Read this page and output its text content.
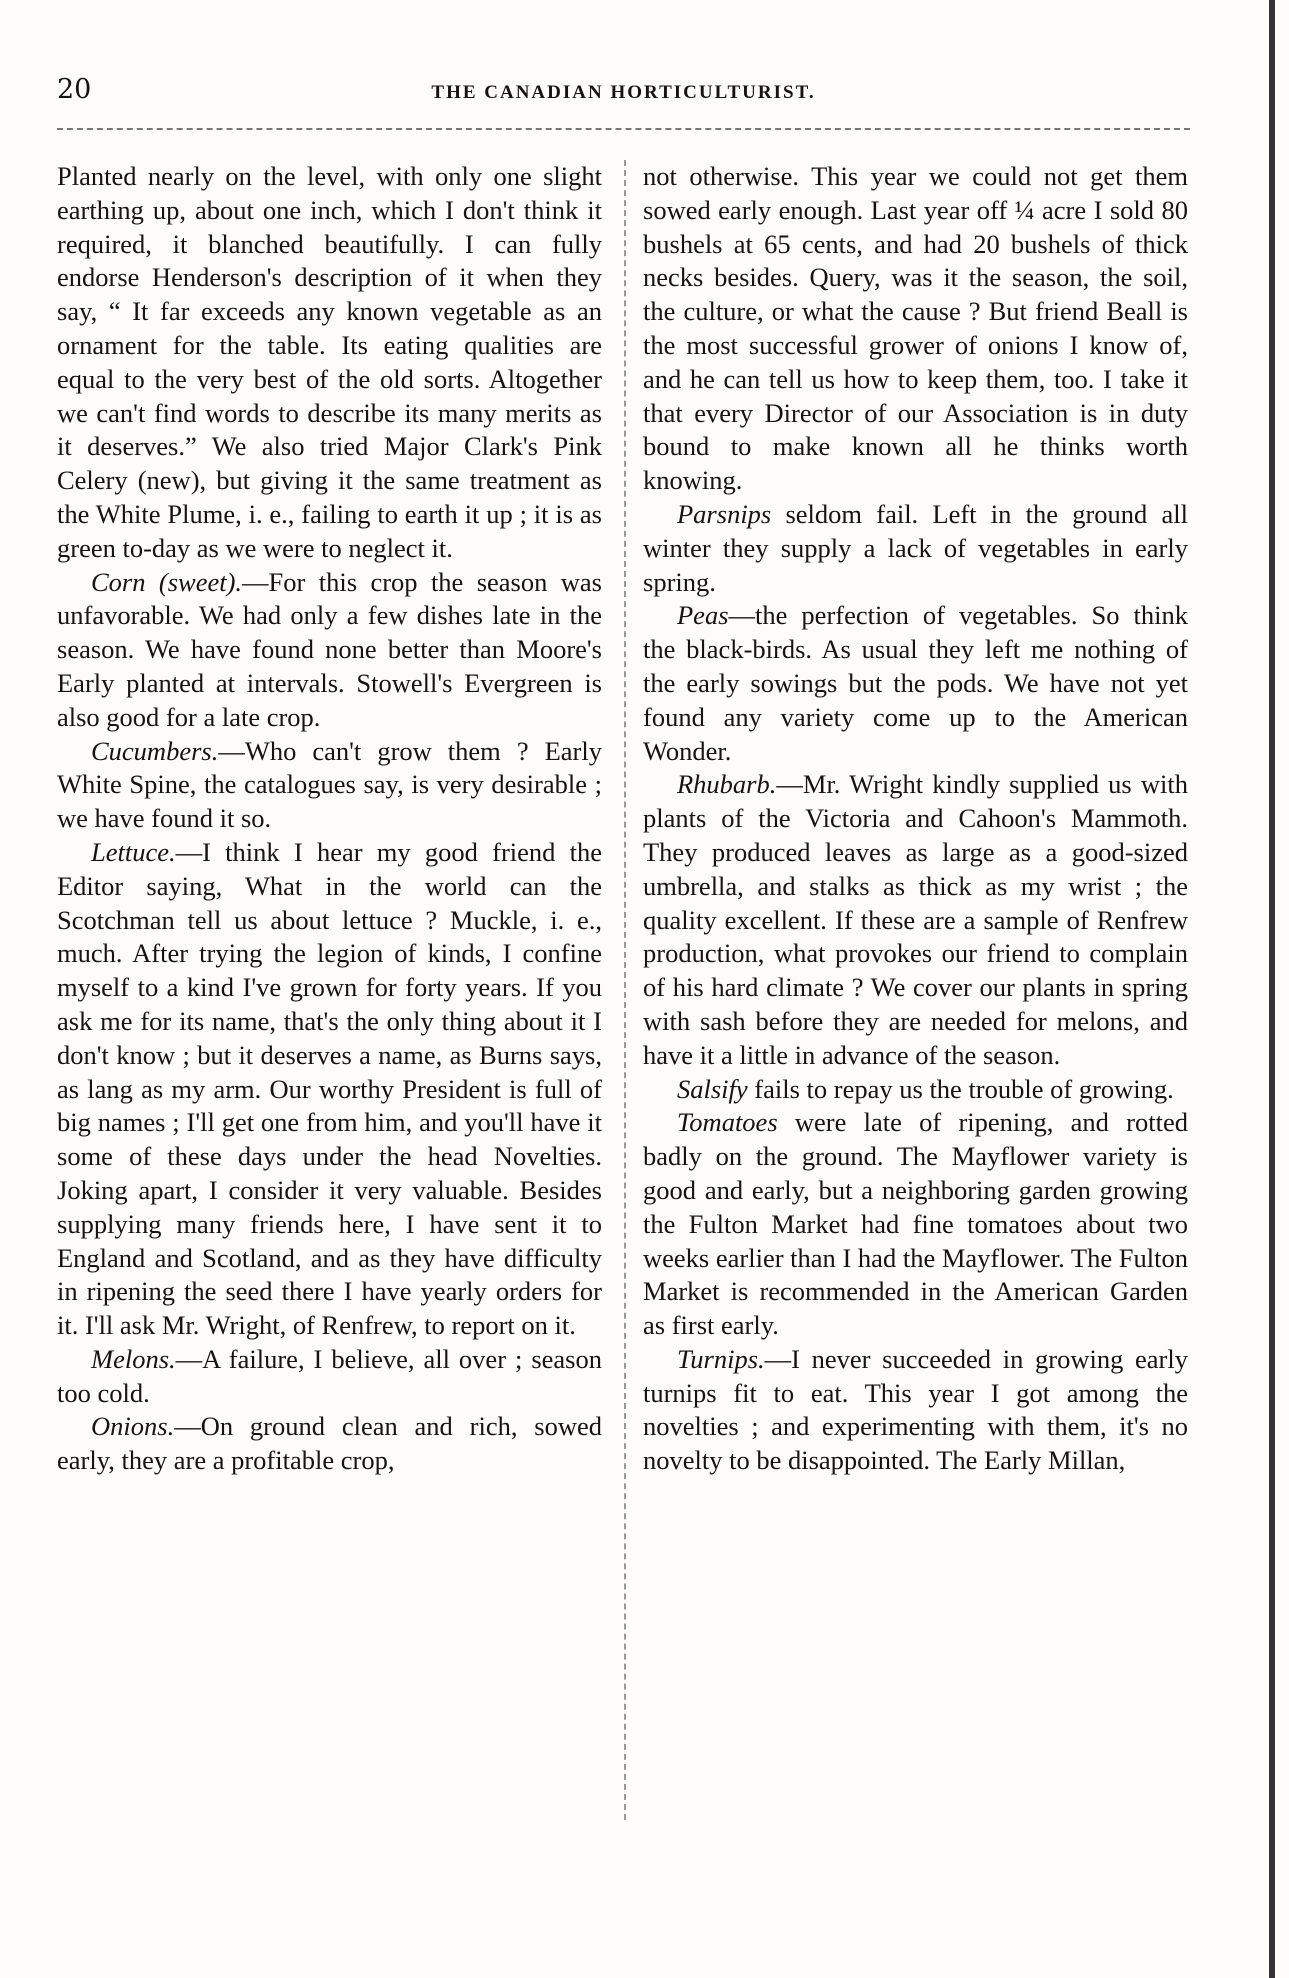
20	THE CANADIAN HORTICULTURIST.

Planted nearly on the level, with only one slight earthing up, about one inch, which I don't think it required, it blanched beautifully. I can fully endorse Henderson's description of it when they say, “ It far exceeds any known vegetable as an ornament for the table. Its eating qualities are equal to the very best of the old sorts. Altogether we can't find words to describe its many merits as it deserves.” We also tried Major Clark's Pink Celery (new), but giving it the same treatment as the White Plume, i. e., failing to earth it up ; it is as green to-day as we were to neglect it.

Corn (sweet).—For this crop the season was unfavorable. We had only a few dishes late in the season. We have found none better than Moore's Early planted at intervals. Stowell's Evergreen is also good for a late crop.

Cucumbers.—Who can't grow them ? Early White Spine, the catalogues say, is very desirable ; we have found it so.

Lettuce.—I think I hear my good friend the Editor saying, What in the world can the Scotchman tell us about lettuce ? Muckle, i. e., much. After trying the legion of kinds, I confine myself to a kind I've grown for forty years. If you ask me for its name, that's the only thing about it I don't know ; but it deserves a name, as Burns says, as lang as my arm. Our worthy President is full of big names ; I'll get one from him, and you'll have it some of these days under the head Novelties. Joking apart, I consider it very valuable. Besides supplying many friends here, I have sent it to England and Scotland, and as they have difficulty in ripening the seed there I have yearly orders for it. I'll ask Mr. Wright, of Renfrew, to report on it.

Melons.—A failure, I believe, all over ; season too cold.

Onions.—On ground clean and rich, sowed early, they are a profitable crop,

not otherwise. This year we could not get them sowed early enough. Last year off ¼ acre I sold 80 bushels at 65 cents, and had 20 bushels of thick necks besides. Query, was it the season, the soil, the culture, or what the cause ? But friend Beall is the most successful grower of onions I know of, and he can tell us how to keep them, too. I take it that every Director of our Association is in duty bound to make known all he thinks worth knowing.

Parsnips seldom fail. Left in the ground all winter they supply a lack of vegetables in early spring.

Peas—the perfection of vegetables. So think the black-birds. As usual they left me nothing of the early sowings but the pods. We have not yet found any variety come up to the American Wonder.

Rhubarb.—Mr. Wright kindly supplied us with plants of the Victoria and Cahoon's Mammoth. They produced leaves as large as a good-sized umbrella, and stalks as thick as my wrist ; the quality excellent. If these are a sample of Renfrew production, what provokes our friend to complain of his hard climate ? We cover our plants in spring with sash before they are needed for melons, and have it a little in advance of the season.

Salsify fails to repay us the trouble of growing.

Tomatoes were late of ripening, and rotted badly on the ground. The Mayflower variety is good and early, but a neighboring garden growing the Fulton Market had fine tomatoes about two weeks earlier than I had the Mayflower. The Fulton Market is recommended in the American Garden as first early.

Turnips.—I never succeeded in growing early turnips fit to eat. This year I got among the novelties ; and experimenting with them, it's no novelty to be disappointed. The Early Millan,
